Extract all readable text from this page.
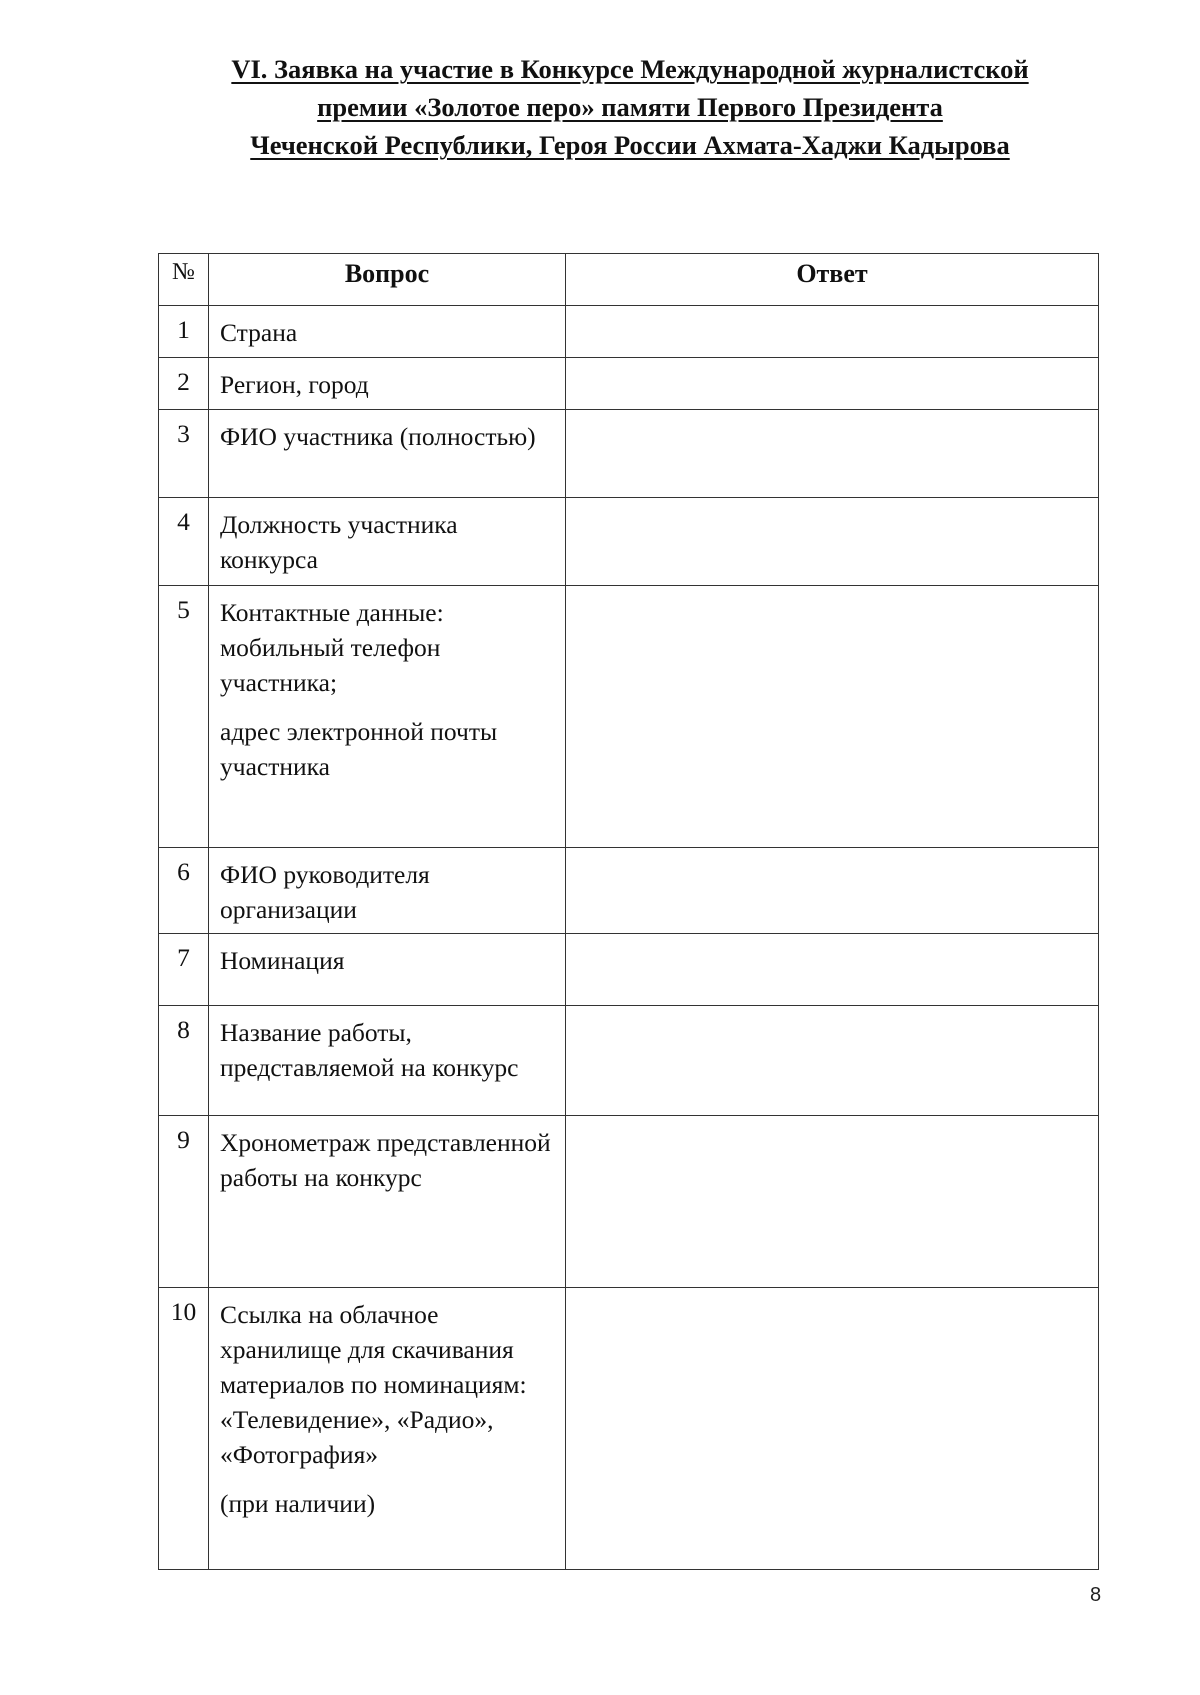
VI. Заявка на участие в Конкурсе Международной журналистской
премии «Золотое перо» памяти Первого Президента
Чеченской Республики, Героя России Ахмата-Хаджи Кадырова
№	Вопрос	Ответ
1	Страна	
2	Регион, город	
3	ФИО участника (полностью)	
4	Должность участника конкурса	
5	Контактные данные: мобильный телефон участника;
адрес электронной почты участника	

6	ФИО руководителя организации	
7	Номинация	
8	Название работы, представляемой на конкурс	
9	Хронометраж представленной работы на конкурс	
10	Ссылка на облачное хранилище для скачивания материалов по номинациям: «Телевидение», «Радио», «Фотография»
(при наличии)	

8
